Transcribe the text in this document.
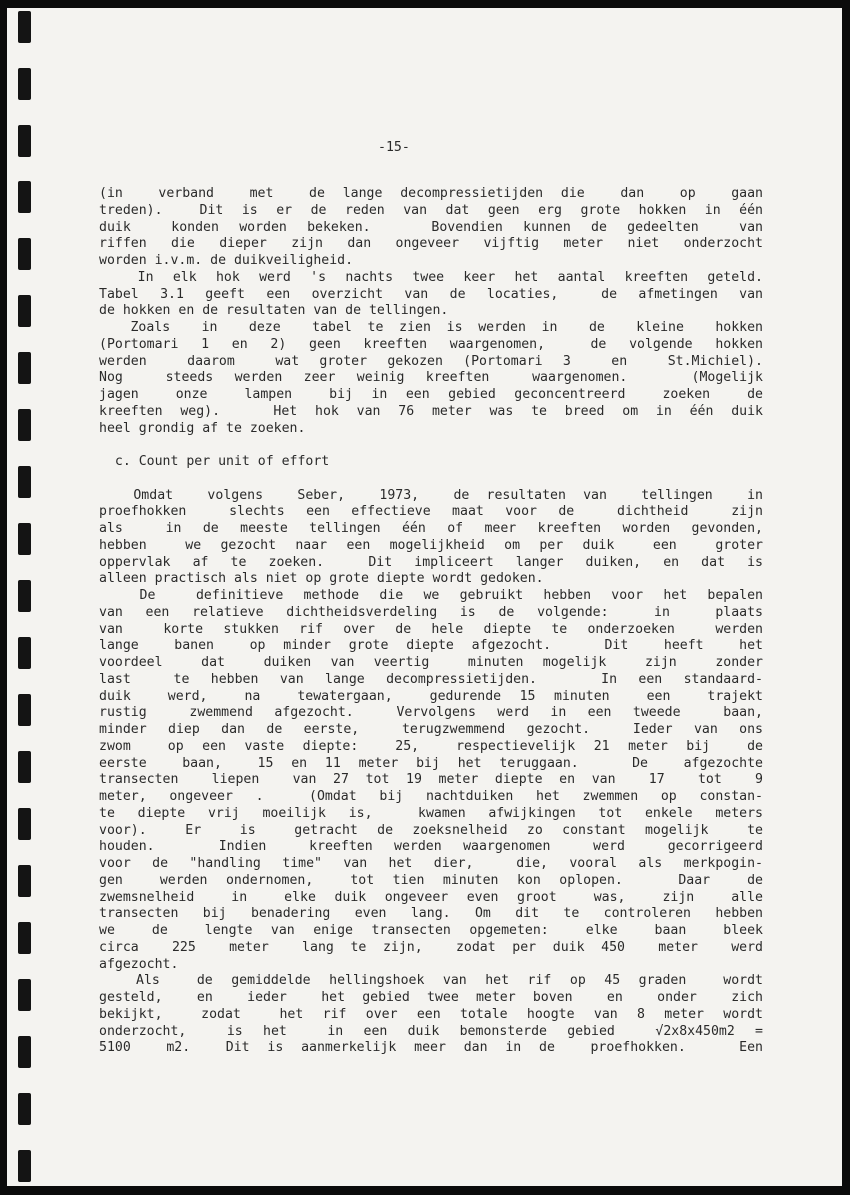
-15-
(in  verband  met  de lange decompressietijden die  dan  op  gaan
treden).  Dit is er de reden van dat geen erg grote hokken in één
duik  konden worden bekeken.   Bovendien kunnen de gedeelten  van
riffen die dieper zijn dan ongeveer vijftig meter niet onderzocht
worden i.v.m. de duikveiligheid.
In elk hok werd 's nachts twee keer het aantal kreeften geteld.
Tabel 3.1 geeft een overzicht van de locaties,  de afmetingen van
de hokken en de resultaten van de tellingen.
Zoals  in  deze  tabel te zien is werden in  de  kleine  hokken
(Portomari 1 en 2) geen kreeften waargenomen,  de volgende hokken
werden  daarom  wat groter gekozen (Portomari 3  en  St.Michiel).
Nog  steeds werden zeer weinig kreeften  waargenomen.   (Mogelijk
jagen  onze  lampen  bij in een gebied geconcentreerd  zoeken  de
kreeften weg).   Het hok van 76 meter was te breed om in één duik
heel grondig af te zoeken.
c. Count per unit of effort
Omdat  volgens  Seber,  1973,  de resultaten van  tellingen  in
proefhokken  slechts een effectieve maat voor de  dichtheid  zijn
als  in de meeste tellingen één of meer kreeften worden gevonden,
hebben  we gezocht naar een mogelijkheid om per duik  een  groter
oppervlak af te zoeken.  Dit impliceert langer duiken, en dat is
alleen practisch als niet op grote diepte wordt gedoken.
De  definitieve methode die we gebruikt hebben voor het bepalen
van een relatieve dichtheidsverdeling is de volgende:  in  plaats
van  korte stukken rif over de hele diepte te onderzoeken  werden
lange  banen  op minder grote diepte afgezocht.   Dit  heeft  het
voordeel  dat  duiken van veertig  minuten mogelijk  zijn  zonder
last  te hebben van lange decompressietijden.   In een standaard-
duik  werd,  na  tewatergaan,  gedurende 15 minuten  een  trajekt
rustig  zwemmend afgezocht.  Vervolgens werd in een tweede  baan,
minder diep dan de eerste,  terugzwemmend gezocht.  Ieder van ons
zwom  op een vaste diepte:  25,  respectievelijk 21 meter bij  de
eerste  baan,  15 en 11 meter bij het teruggaan.   De  afgezochte
transecten  liepen  van 27 tot 19 meter diepte en van  17  tot  9
meter, ongeveer .  (Omdat bij nachtduiken het zwemmen op constan-
te diepte vrij moeilijk is,  kwamen afwijkingen tot enkele meters
voor).  Er  is  getracht de zoeksnelheid zo constant mogelijk  te
houden.   Indien  kreeften werden waargenomen  werd  gecorrigeerd
voor de "handling time" van het dier,  die, vooral als merkpogin-
gen  werden ondernomen,  tot tien minuten kon oplopen.   Daar  de
zwemsnelheid  in  elke duik ongeveer even groot  was,  zijn  alle
transecten bij benadering even lang. Om dit te controleren hebben
we  de  lengte van enige transecten opgemeten:  elke  baan  bleek
circa  225  meter  lang te zijn,  zodat per duik 450  meter  werd
afgezocht.
Als  de gemiddelde hellingshoek van het rif op 45 graden  wordt
gesteld,  en  ieder  het gebied twee meter boven  en  onder  zich
bekijkt,  zodat  het rif over een totale hoogte van 8 meter wordt
onderzocht,  is het  in een duik bemonsterde gebied  √2x8x450m2 =
5100  m2.  Dit is aanmerkelijk meer dan in de  proefhokken.   Een
